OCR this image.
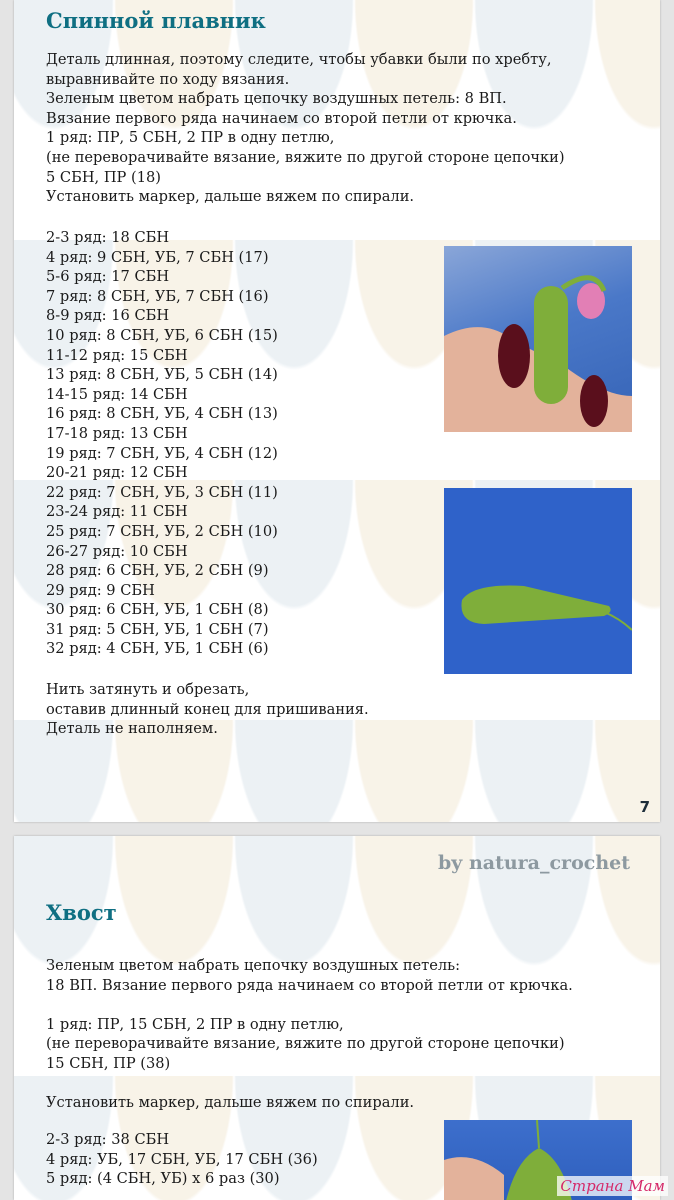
Спинной плавник
Деталь длинная, поэтому следите, чтобы убавки были по хребту,
выравнивайте по ходу вязания.
Зеленым цветом набрать цепочку воздушных петель: 8 ВП.
Вязание первого ряда начинаем со второй петли от крючка.
1 ряд: ПР, 5 СБН, 2 ПР в одну петлю,
(не переворачивайте вязание, вяжите по другой стороне цепочки)
5 СБН, ПР (18)
Установить маркер, дальше вяжем по спирали.
2-3 ряд: 18 СБН
4 ряд: 9 СБН, УБ, 7 СБН (17)
5-6 ряд: 17 СБН
7 ряд: 8 СБН, УБ, 7 СБН (16)
8-9 ряд: 16 СБН
10 ряд: 8 СБН, УБ, 6 СБН (15)
11-12 ряд: 15 СБН
13 ряд: 8 СБН, УБ, 5 СБН (14)
14-15 ряд: 14 СБН
16 ряд: 8 СБН, УБ, 4 СБН (13)
17-18 ряд: 13 СБН
19 ряд: 7 СБН, УБ, 4 СБН (12)
20-21 ряд: 12 СБН
22 ряд: 7 СБН, УБ, 3 СБН (11)
23-24 ряд: 11 СБН
25 ряд: 7 СБН, УБ, 2 СБН (10)
26-27 ряд: 10 СБН
28 ряд: 6 СБН, УБ, 2 СБН (9)
29 ряд: 9 СБН
30 ряд: 6 СБН, УБ, 1 СБН (8)
31 ряд: 5 СБН, УБ, 1 СБН (7)
32 ряд: 4 СБН, УБ, 1 СБН (6)
Нить затянуть и обрезать,
оставив длинный конец для пришивания.
Деталь не наполняем.
7
by natura_crochet
Хвост
Зеленым цветом набрать цепочку воздушных петель:
18 ВП. Вязание первого ряда начинаем со второй петли от крючка.
1 ряд: ПР, 15 СБН, 2 ПР в одну петлю,
(не переворачивайте вязание, вяжите по другой стороне цепочки)
15 СБН, ПР (38)
Установить маркер, дальше вяжем по спирали.
2-3 ряд: 38 СБН
4 ряд: УБ, 17 СБН, УБ, 17 СБН (36)
5 ряд: (4 СБН, УБ) х 6 раз (30)	Страна Мам
